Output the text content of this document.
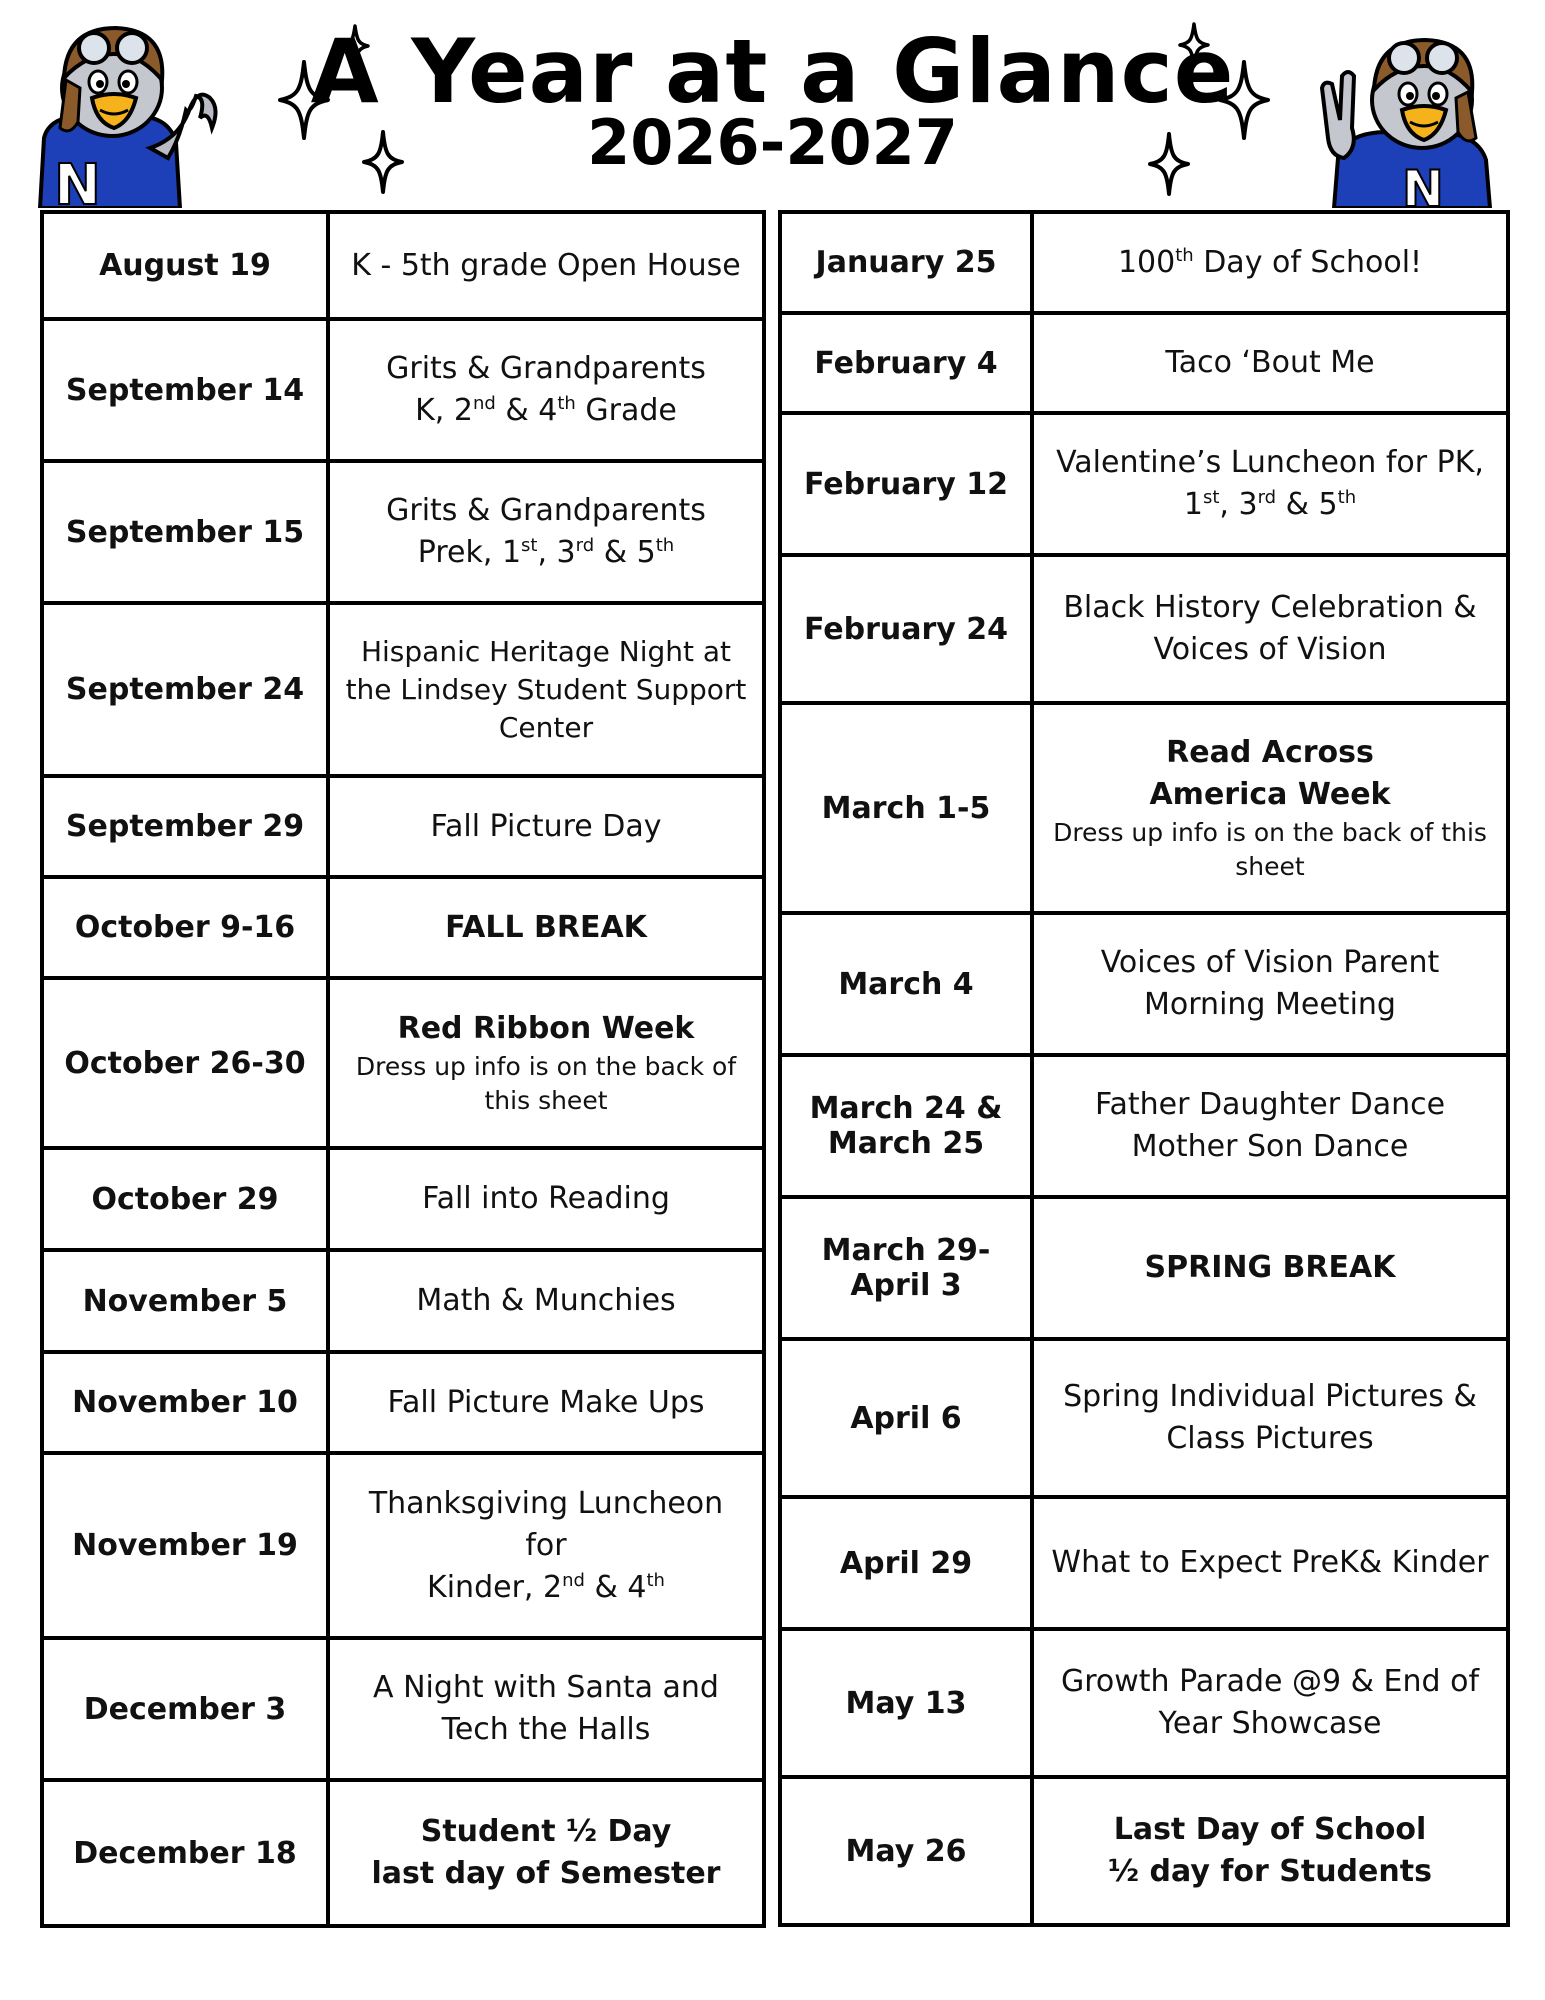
A Year at a Glance
2026-2027
N	N
August 19	K - 5th grade Open House
September 14	Grits & Grandparents
K, 2nd & 4th Grade

September 15	Grits & Grandparents
Prek, 1st, 3rd & 5th

September 24	Hispanic Heritage Night at the Lindsey Student Support Center
September 29	Fall Picture Day
October 9-16	FALL BREAK
October 26-30	Red Ribbon Week
Dress up info is on the back of this sheet

October 29	Fall into Reading
November 5	Math & Munchies
November 10	Fall Picture Make Ups
November 19	Thanksgiving Luncheon
for
Kinder, 2nd & 4th

December 3	A Night with Santa and Tech the Halls
December 18	Student ½ Day
last day of Semester
January 25	100th Day of School!
February 4	Taco ‘Bout Me
February 12	Valentine’s Luncheon for PK,
1st, 3rd & 5th

February 24	Black History Celebration & Voices of Vision
March 1-5	Read Across
America Week
Dress up info is on the back of this sheet

March 4	Voices of Vision Parent Morning Meeting

March 24 &
March 25	Father Daughter Dance
Mother Son Dance

March 29-
April 3	SPRING BREAK
April 6	Spring Individual Pictures & Class Pictures
April 29	What to Expect PreK& Kinder
May 13	Growth Parade @9 & End of Year Showcase
May 26	Last Day of School
½ day for Students
